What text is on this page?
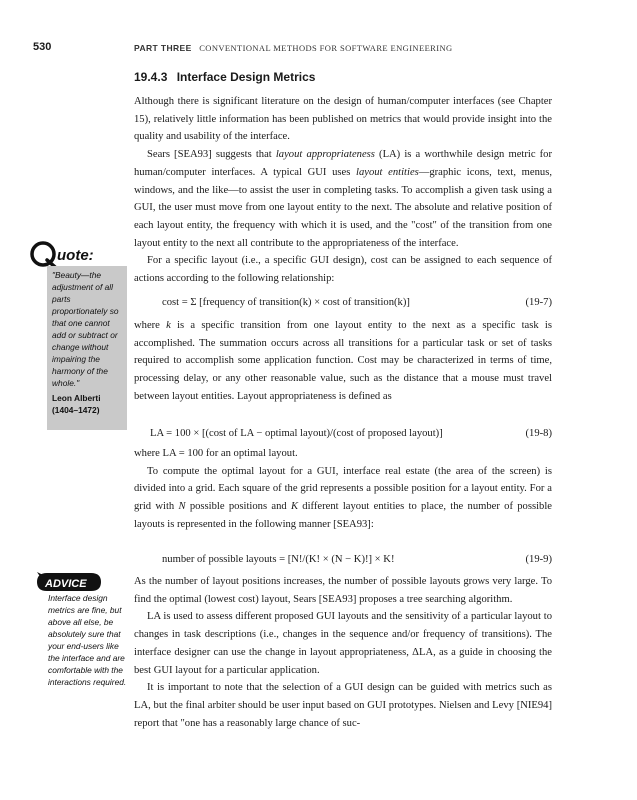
530	PART THREE CONVENTIONAL METHODS FOR SOFTWARE ENGINEERING
19.4.3 Interface Design Metrics

Although there is significant literature on the design of human/computer interfaces (see Chapter 15), relatively little information has been published on metrics that would provide insight into the quality and usability of the interface.

Sears [SEA93] suggests that layout appropriateness (LA) is a worthwhile design metric for human/computer interfaces. A typical GUI uses layout entities—graphic icons, text, menus, windows, and the like—to assist the user in completing tasks. To accomplish a given task using a GUI, the user must move from one layout entity to the next. The absolute and relative position of each layout entity, the frequency with which it is used, and the "cost" of the transition from one layout entity to the next all contribute to the appropriateness of the interface.

For a specific layout (i.e., a specific GUI design), cost can be assigned to each sequence of actions according to the following relationship:

cost = Σ [frequency of transition(k) × cost of transition(k)]	(19-7)

where k is a specific transition from one layout entity to the next as a specific task is accomplished. The summation occurs across all transitions for a particular task or set of tasks required to accomplish some application function. Cost may be characterized in terms of time, processing delay, or any other reasonable value, such as the distance that a mouse must travel between layout entities. Layout appropriateness is defined as

LA = 100 × [(cost of LA − optimal layout)/(cost of proposed layout)]	(19-8)

where LA = 100 for an optimal layout.

To compute the optimal layout for a GUI, interface real estate (the area of the screen) is divided into a grid. Each square of the grid represents a possible position for a layout entity. For a grid with N possible positions and K different layout entities to place, the number of possible layouts is represented in the following manner [SEA93]:

number of possible layouts = [N!/(K! × (N − K)!] × K!	(19-9)

As the number of layout positions increases, the number of possible layouts grows very large. To find the optimal (lowest cost) layout, Sears [SEA93] proposes a tree searching algorithm.

LA is used to assess different proposed GUI layouts and the sensitivity of a particular layout to changes in task descriptions (i.e., changes in the sequence and/or frequency of transitions). The interface designer can use the change in layout appropriateness, ΔLA, as a guide in choosing the best GUI layout for a particular application.

It is important to note that the selection of a GUI design can be guided with metrics such as LA, but the final arbiter should be user input based on GUI prototypes. Nielsen and Levy [NIE94] report that "one has a reasonably large chance of suc-

uote:
"Beauty—the adjustment of all parts proportionately so that one cannot add or subtract or change without impairing the harmony of the whole."
Leon Alberti
(1404–1472)
ADVICE
Interface design metrics are fine, but above all else, be absolutely sure that your end-users like the interface and are comfortable with the interactions required.
